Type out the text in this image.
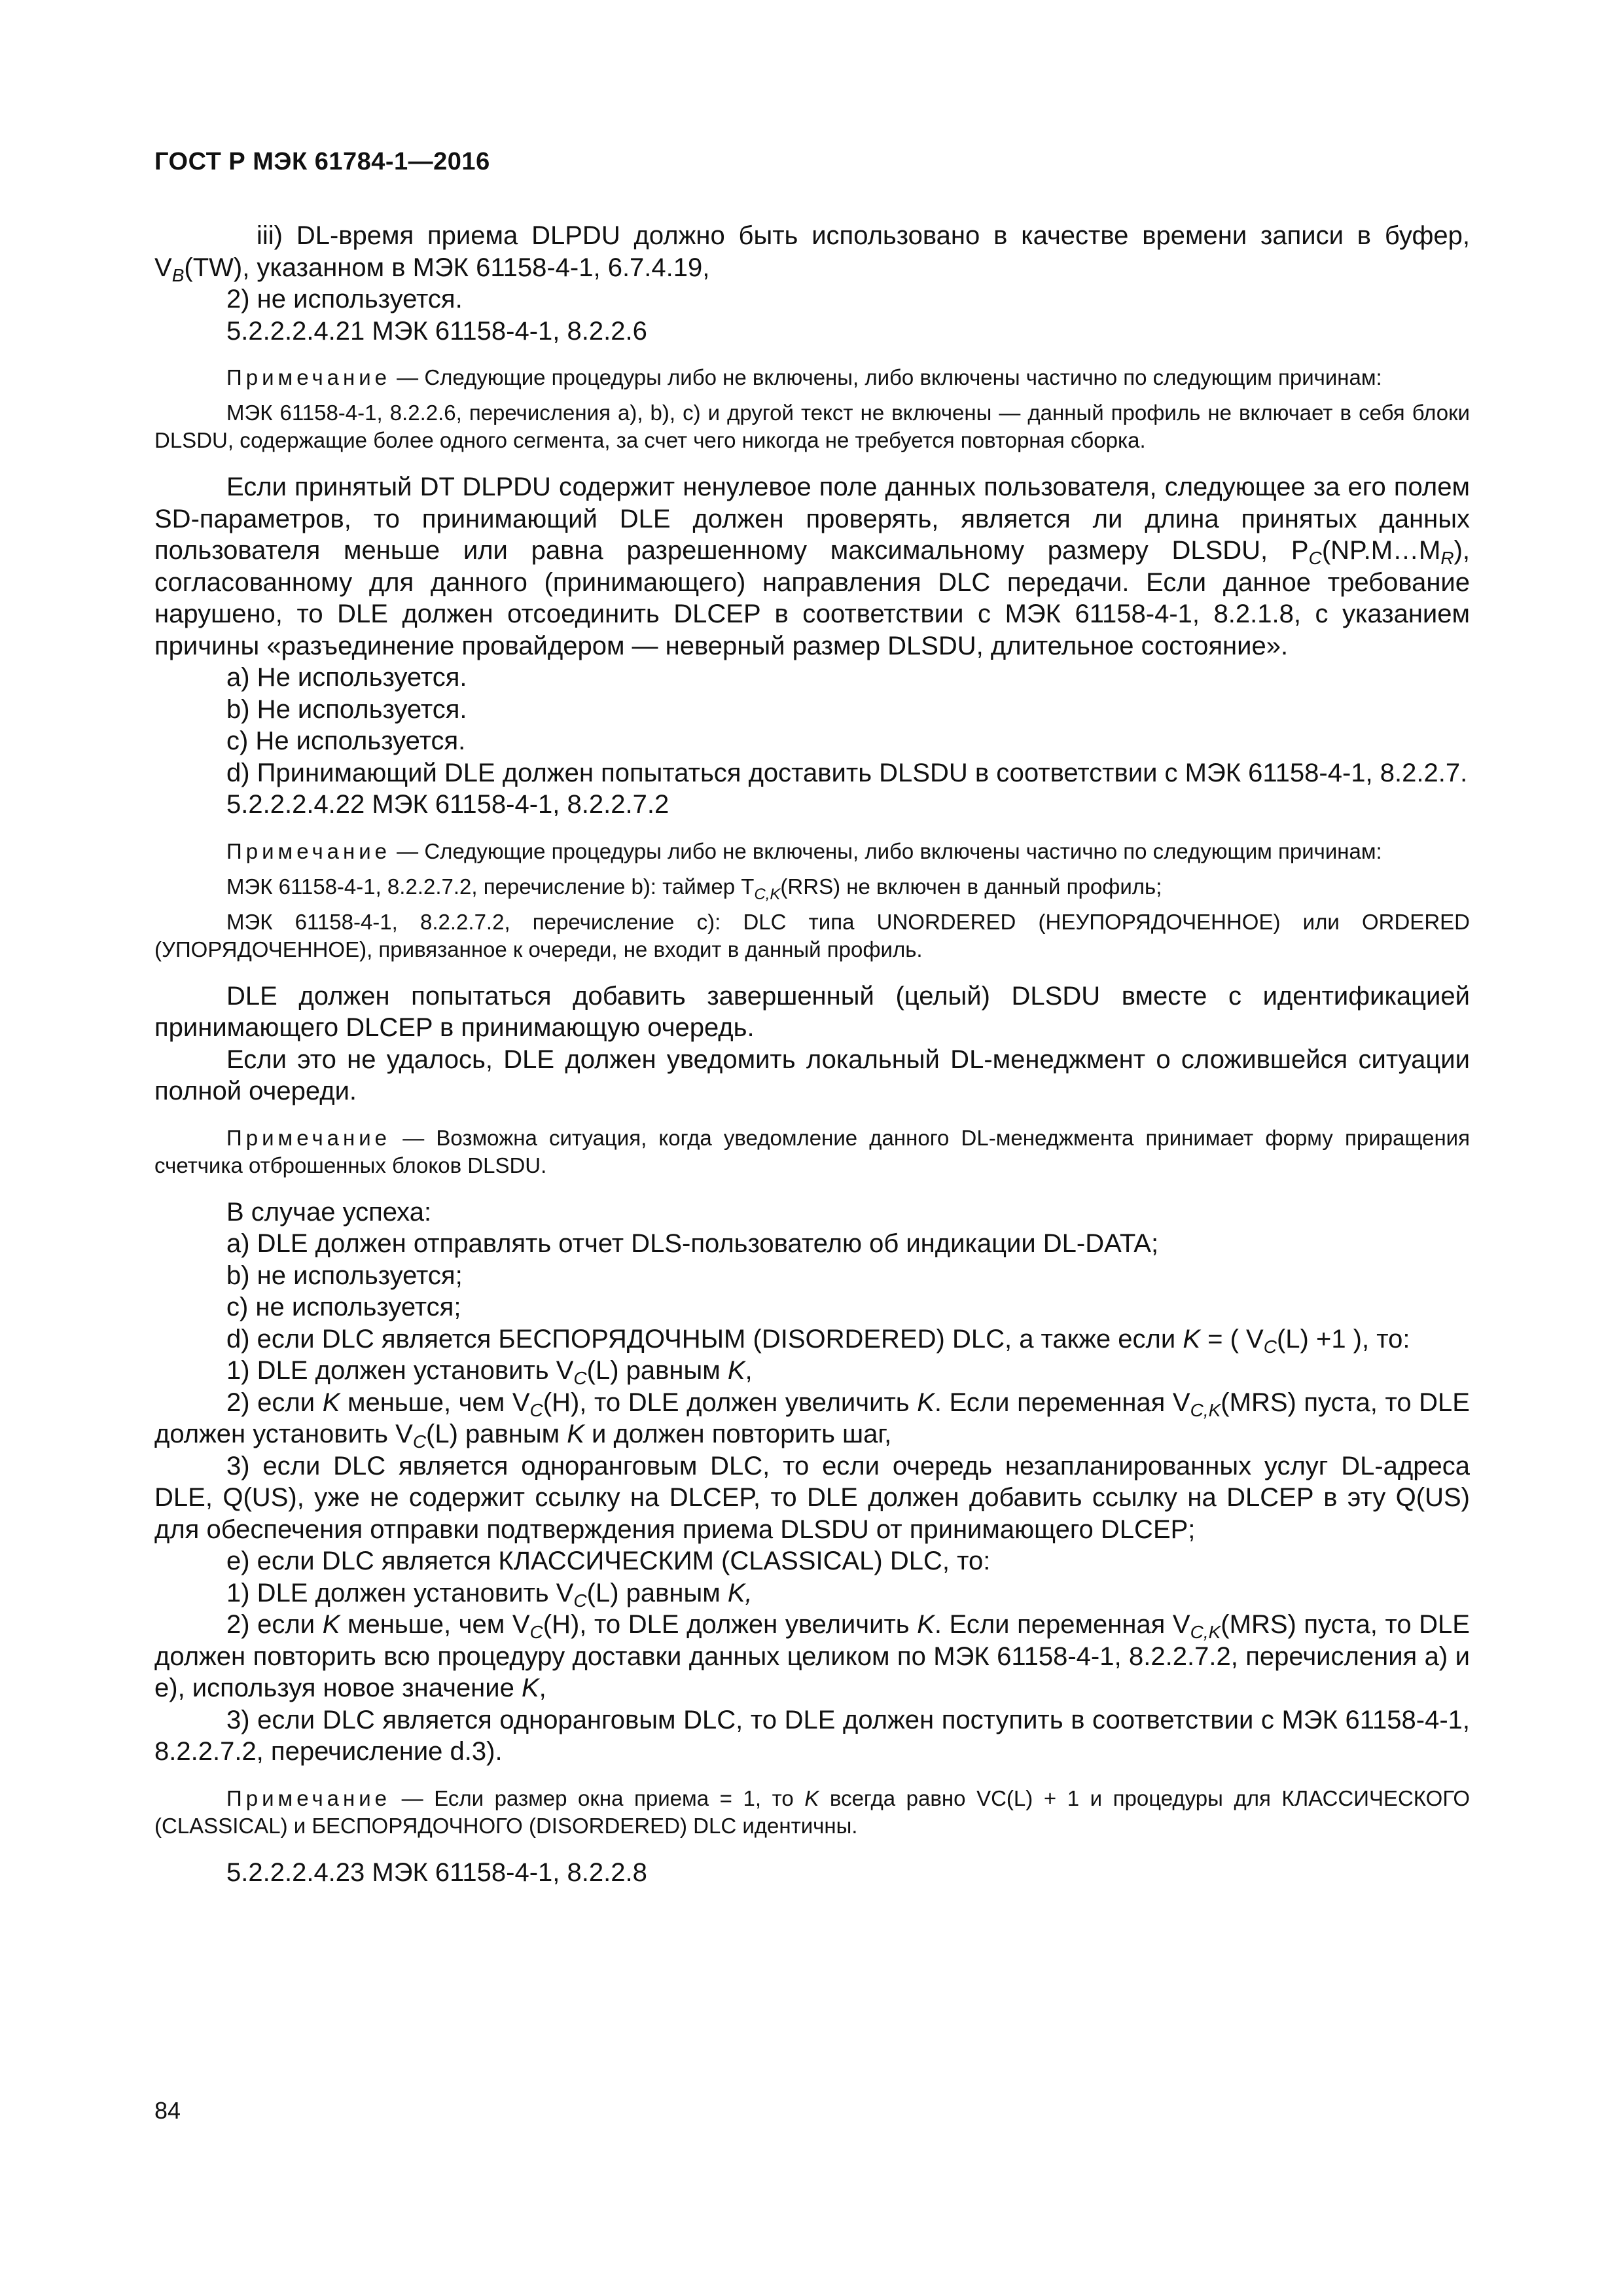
ГОСТ Р МЭК 61784-1—2016

iii) DL-время приема DLPDU должно быть использовано в качестве времени записи в буфер, $V_B(TW)$, указанном в МЭК 61158-4-1, 6.7.4.19,

2) не используется.

5.2.2.2.4.21 МЭК 61158-4-1, 8.2.2.6

Примечание — Следующие процедуры либо не включены, либо включены частично по следующим причинам:

МЭК 61158-4-1, 8.2.2.6, перечисления a), b), c) и другой текст не включены — данный профиль не включает в себя блоки DLSDU, содержащие более одного сегмента, за счет чего никогда не требуется повторная сборка.

Если принятый DT DLPDU содержит ненулевое поле данных пользователя, следующее за его полем SD-параметров, то принимающий DLE должен проверять, является ли длина принятых данных пользователя меньше или равна разрешенному максимальному размеру DLSDU, $P_C(NP.M\dots M_R)$, согласованному для данного (принимающего) направления DLC передачи. Если данное требование нарушено, то DLE должен отсоединить DLCEP в соответствии с МЭК 61158-4-1, 8.2.1.8, с указанием причины «разъединение провайдером — неверный размер DLSDU, длительное состояние».

a) Не используется.

b) Не используется.

c) Не используется.

d) Принимающий DLE должен попытаться доставить DLSDU в соответствии с МЭК 61158-4-1, 8.2.2.7.

5.2.2.2.4.22 МЭК 61158-4-1, 8.2.2.7.2

Примечание — Следующие процедуры либо не включены, либо включены частично по следующим причинам:

МЭК 61158-4-1, 8.2.2.7.2, перечисление b): таймер $T_{C,K}(RRS)$ не включен в данный профиль;

МЭК 61158-4-1, 8.2.2.7.2, перечисление c): DLC типа UNORDERED (НЕУПОРЯДОЧЕННОЕ) или ORDERED (УПОРЯДОЧЕННОЕ), привязанное к очереди, не входит в данный профиль.

DLE должен попытаться добавить завершенный (целый) DLSDU вместе с идентификацией принимающего DLCEP в принимающую очередь.

Если это не удалось, DLE должен уведомить локальный DL-менеджмент о сложившейся ситуации полной очереди.

Примечание — Возможна ситуация, когда уведомление данного DL-менеджмента принимает форму приращения счетчика отброшенных блоков DLSDU.

В случае успеха:

a) DLE должен отправлять отчет DLS-пользователю об индикации DL-DATA;

b) не используется;

c) не используется;

d) если DLC является БЕСПОРЯДОЧНЫМ (DISORDERED) DLC, а также если K = ( $V_C(L) +1$ ), то:

1) DLE должен установить $V_C(L)$ равным K,

2) если K меньше, чем $V_C(H)$, то DLE должен увеличить K. Если переменная $V_{C,K}(MRS)$ пуста, то DLE должен установить $V_C(L)$ равным K и должен повторить шаг,

3) если DLC является одноранговым DLC, то если очередь незапланированных услуг DL-адреса DLE, Q(US), уже не содержит ссылку на DLCEP, то DLE должен добавить ссылку на DLCEP в эту Q(US) для обеспечения отправки подтверждения приема DLSDU от принимающего DLCEP;

e) если DLC является КЛАССИЧЕСКИМ (CLASSICAL) DLC, то:

1) DLE должен установить $V_C(L)$ равным K,

2) если K меньше, чем $V_C(H)$, то DLE должен увеличить K. Если переменная $V_{C,K}(MRS)$ пуста, то DLE должен повторить всю процедуру доставки данных целиком по МЭК 61158-4-1, 8.2.2.7.2, перечисления a) и e), используя новое значение K,

3) если DLC является одноранговым DLC, то DLE должен поступить в соответствии с МЭК 61158-4-1, 8.2.2.7.2, перечисление d.3).

Примечание — Если размер окна приема = 1, то K всегда равно VC(L) + 1 и процедуры для КЛАССИЧЕСКОГО (CLASSICAL) и БЕСПОРЯДОЧНОГО (DISORDERED) DLC идентичны.

5.2.2.2.4.23 МЭК 61158-4-1, 8.2.2.8

84
